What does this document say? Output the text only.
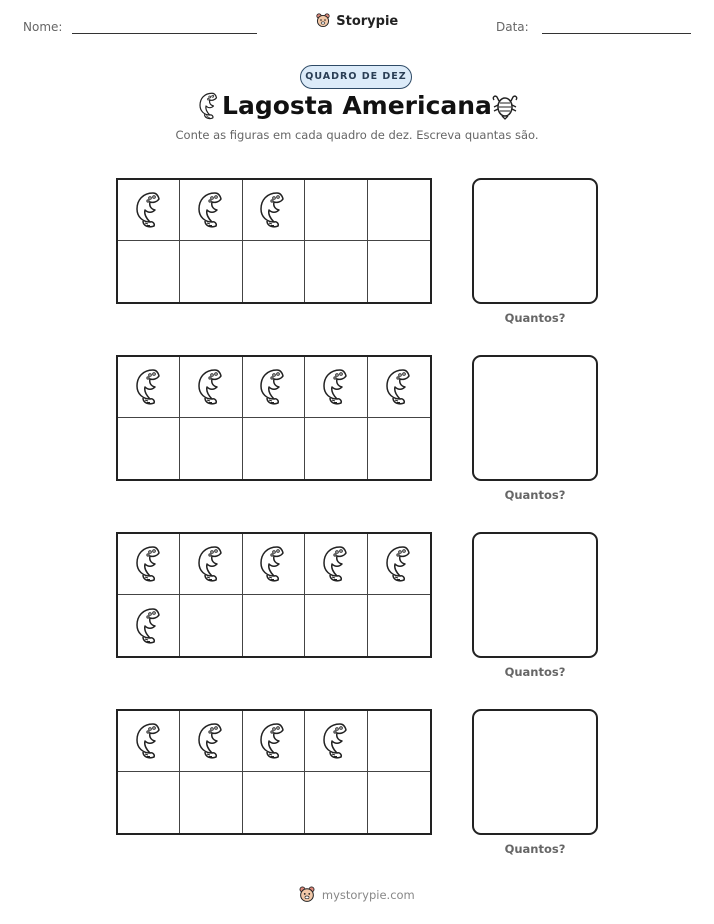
Nome:	Storypie	Data:
QUADRO DE DEZ
Lagosta Americana
Conte as figuras em cada quadro de dez. Escreva quantas são.
Quantos?
Quantos?
Quantos?
Quantos?
mystorypie.com
